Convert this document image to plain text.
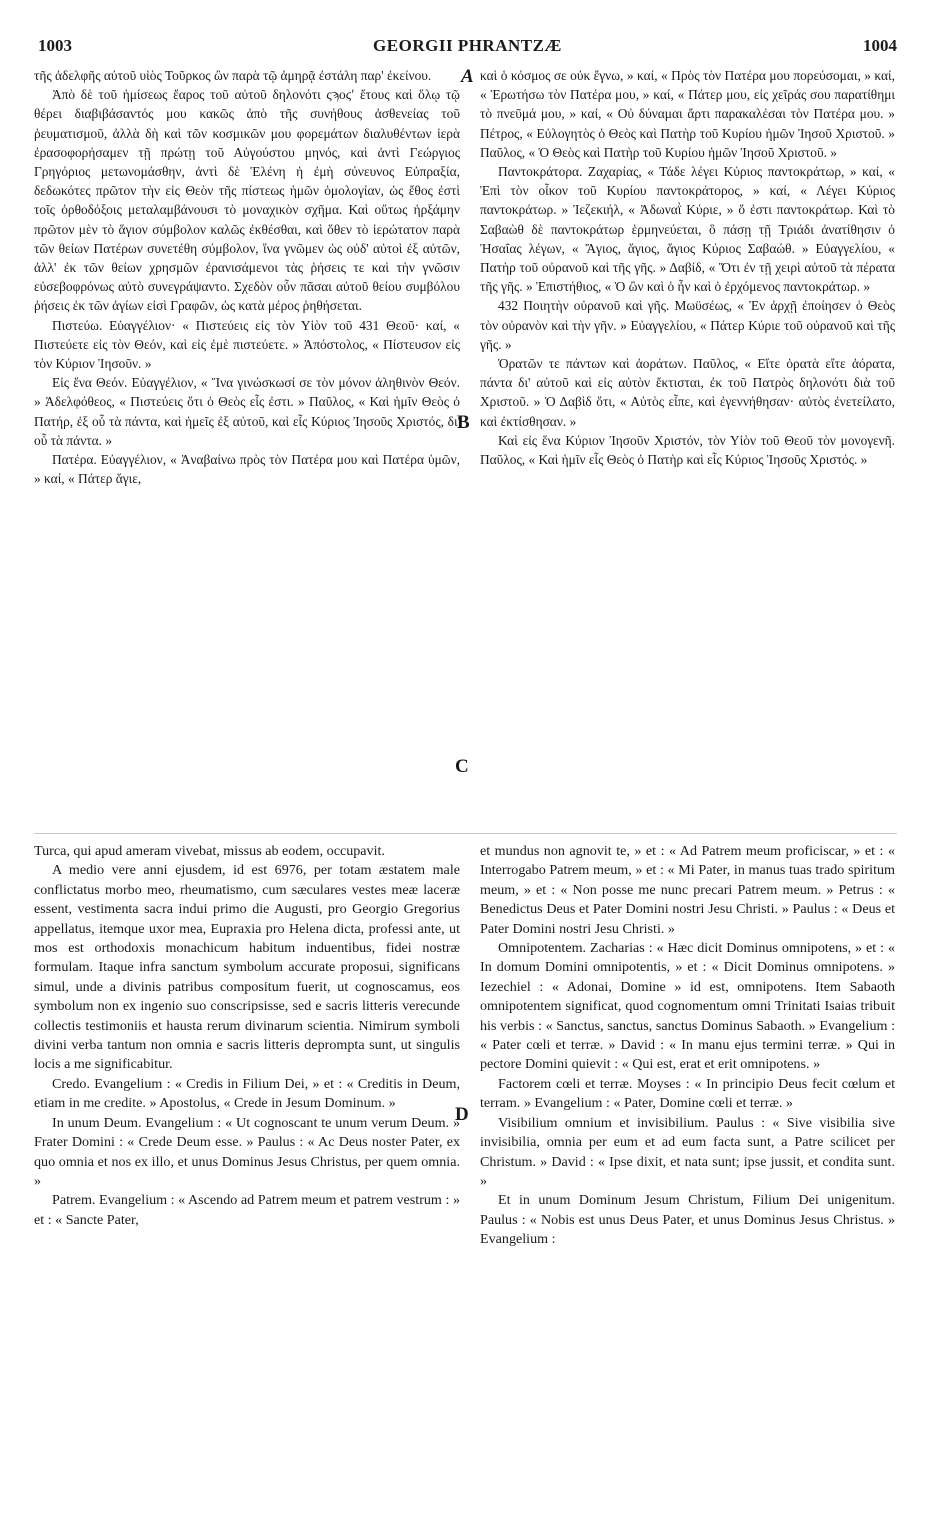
1003	GEORGII PHRANTZÆ	1004

τῆς ἀδελφῆς αὐτοῦ υἱὸς Τοῦρκος ὢν παρὰ τῷ ἀμηρᾷ ἐστάλη παρ' ἐκείνου.

Ἀπὸ δὲ τοῦ ἡμίσεως ἔαρος τοῦ αὐτοῦ δηλονότι ςϡοϛʹ ἔτους καὶ ὅλῳ τῷ θέρει διαβιβάσαντός μου κακῶς ἀπὸ τῆς συνήθους ἀσθενείας τοῦ ῥευματισμοῦ, ἀλλὰ δὴ καὶ τῶν κοσμικῶν μου φορεμάτων διαλυθέντων ἱερὰ ἐρασοφορήσαμεν τῇ πρώτῃ τοῦ Αὐγούστου μηνός, καὶ ἀντὶ Γεώργιος Γρηγόριος μετωνομάσθην, ἀντὶ δὲ Ἑλένη ἡ ἐμὴ σύνευνος Εὐπραξία, δεδωκότες πρῶτον τὴν εἰς Θεὸν τῆς πίστεως ἡμῶν ὁμολογίαν, ὡς ἔθος ἐστὶ τοῖς ὀρθοδόξοις μεταλαμβάνουσι τὸ μοναχικὸν σχῆμα. Καὶ οὕτως ἠρξάμην πρῶτον μὲν τὸ ἅγιον σύμβολον καλῶς ἐκθέσθαι, καὶ ὅθεν τὸ ἱερώτατον παρὰ τῶν θείων Πατέρων συνετέθη σύμβολον, ἵνα γνῶμεν ὡς οὐδ' αὐτοὶ ἐξ αὐτῶν, ἀλλ' ἐκ τῶν θείων χρησμῶν ἐρανισάμενοι τὰς ῥήσεις τε καὶ τὴν γνῶσιν εὐσεβοφρόνως αὐτὸ συνεγράψαντο. Σχεδὸν οὖν πᾶσαι αὐτοῦ θείου συμβόλου ῥήσεις ἐκ τῶν ἁγίων εἰσὶ Γραφῶν, ὡς κατὰ μέρος ῥηθήσεται.

Πιστεύω. Εὐαγγέλιον· « Πιστεύεις εἰς τὸν Υἱὸν τοῦ 431 Θεοῦ· καί, « Πιστεύετε εἰς τὸν Θεόν, καὶ εἰς ἐμὲ πιστεύετε. » Ἀπόστολος, « Πίστευσον εἰς τὸν Κύριον Ἰησοῦν. »

Εἰς ἕνα Θεόν. Εὐαγγέλιον, « Ἵνα γινώσκωσί σε τὸν μόνον ἀληθινὸν Θεόν. » Ἀδελφόθεος, « Πιστεύεις ὅτι ὁ Θεὸς εἷς ἐστι. » Παῦλος, « Καὶ ἡμῖν Θεὸς ὁ Πατήρ, ἐξ οὗ τὰ πάντα, καὶ ἡμεῖς ἐξ αὐτοῦ, καὶ εἷς Κύριος Ἰησοῦς Χριστός, δι' οὗ τὰ πάντα. »

Πατέρα. Εὐαγγέλιον, « Ἀναβαίνω πρὸς τὸν Πατέρα μου καὶ Πατέρα ὑμῶν, » καί, « Πάτερ ἅγιε,

καὶ ὁ κόσμος σε οὐκ ἔγνω, » καί, « Πρὸς τὸν Πατέρα μου πορεύσομαι, » καί, « Ἐρωτήσω τὸν Πατέρα μου, » καί, « Πάτερ μου, εἰς χεῖράς σου παρατίθημι τὸ πνεῦμά μου, » καί, « Οὐ δύναμαι ἄρτι παρακαλέσαι τὸν Πατέρα μου. » Πέτρος, « Εὐλογητὸς ὁ Θεὸς καὶ Πατὴρ τοῦ Κυρίου ἡμῶν Ἰησοῦ Χριστοῦ. » Παῦλος, « Ὁ Θεὸς καὶ Πατὴρ τοῦ Κυρίου ἡμῶν Ἰησοῦ Χριστοῦ. »

Παντοκράτορα. Ζαχαρίας, « Τάδε λέγει Κύριος παντοκράτωρ, » καί, « Ἐπὶ τὸν οἶκον τοῦ Κυρίου παντοκράτορος, » καί, « Λέγει Κύριος παντοκράτωρ. » Ἰεζεκιήλ, « Ἀδωναῒ Κύριε, » ὅ ἐστι παντοκράτωρ. Καὶ τὸ Σαβαὼθ δὲ παντοκράτωρ ἑρμηνεύεται, ὃ πάσῃ τῇ Τριάδι ἀνατίθησιν ὁ Ἠσαΐας λέγων, « Ἅγιος, ἅγιος, ἅγιος Κύριος Σαβαώθ. » Εὐαγγελίου, « Πατὴρ τοῦ οὐρανοῦ καὶ τῆς γῆς. » Δαβίδ, « Ὅτι ἐν τῇ χειρὶ αὐτοῦ τὰ πέρατα τῆς γῆς. » Ἐπιστήθιος, « Ὁ ὢν καὶ ὁ ἦν καὶ ὁ ἐρχόμενος παντοκράτωρ. »

432 Ποιητὴν οὐρανοῦ καὶ γῆς. Μωϋσέως, « Ἐν ἀρχῇ ἐποίησεν ὁ Θεὸς τὸν οὐρανὸν καὶ τὴν γῆν. » Εὐαγγελίου, « Πάτερ Κύριε τοῦ οὐρανοῦ καὶ τῆς γῆς. »

Ὁρατῶν τε πάντων καὶ ἀοράτων. Παῦλος, « Εἴτε ὁρατὰ εἴτε ἀόρατα, πάντα δι' αὐτοῦ καὶ εἰς αὐτὸν ἔκτισται, ἐκ τοῦ Πατρὸς δηλονότι διὰ τοῦ Χριστοῦ. » Ὁ Δαβὶδ ὅτι, « Αὐτὸς εἶπε, καὶ ἐγεννήθησαν· αὐτὸς ἐνετείλατο, καὶ ἐκτίσθησαν. »

Καὶ εἰς ἕνα Κύριον Ἰησοῦν Χριστόν, τὸν Υἱὸν τοῦ Θεοῦ τὸν μονογενῆ. Παῦλος, « Καὶ ἡμῖν εἷς Θεὸς ὁ Πατὴρ καὶ εἷς Κύριος Ἰησοῦς Χριστός. »

A
B
C
D

Turca, qui apud ameram vivebat, missus ab eodem, occupavit.

A medio vere anni ejusdem, id est 6976, per totam æstatem male conflictatus morbo meo, rheumatismo, cum sæculares vestes meæ laceræ essent, vestimenta sacra indui primo die Augusti, pro Georgio Gregorius appellatus, itemque uxor mea, Eupraxia pro Helena dicta, professi ante, ut mos est orthodoxis monachicum habitum induentibus, fidei nostræ formulam. Itaque infra sanctum symbolum accurate proposui, significans simul, unde a divinis patribus compositum fuerit, ut cognoscamus, eos symbolum non ex ingenio suo conscripsisse, sed e sacris litteris verecunde collectis testimoniis et hausta rerum divinarum scientia. Nimirum symboli divini verba tantum non omnia e sacris litteris deprompta sunt, ut singulis locis a me significabitur.

Credo. Evangelium : « Credis in Filium Dei, » et : « Creditis in Deum, etiam in me credite. » Apostolus, « Crede in Jesum Dominum. »

In unum Deum. Evangelium : « Ut cognoscant te unum verum Deum. » Frater Domini : « Crede Deum esse. » Paulus : « Ac Deus noster Pater, ex quo omnia et nos ex illo, et unus Dominus Jesus Christus, per quem omnia. »

Patrem. Evangelium : « Ascendo ad Patrem meum et patrem vestrum : » et : « Sancte Pater,

et mundus non agnovit te, » et : « Ad Patrem meum proficiscar, » et : « Interrogabo Patrem meum, » et : « Mi Pater, in manus tuas trado spiritum meum, » et : « Non posse me nunc precari Patrem meum. » Petrus : « Benedictus Deus et Pater Domini nostri Jesu Christi. » Paulus : « Deus et Pater Domini nostri Jesu Christi. »

Omnipotentem. Zacharias : « Hæc dicit Dominus omnipotens, » et : « In domum Domini omnipotentis, » et : « Dicit Dominus omnipotens. » Iezechiel : « Adonai, Domine » id est, omnipotens. Item Sabaoth omnipotentem significat, quod cognomentum omni Trinitati Isaias tribuit his verbis : « Sanctus, sanctus, sanctus Dominus Sabaoth. » Evangelium : « Pater cœli et terræ. » David : « In manu ejus termini terræ. » Qui in pectore Domini quievit : « Qui est, erat et erit omnipotens. »

Factorem cœli et terræ. Moyses : « In principio Deus fecit cœlum et terram. » Evangelium : « Pater, Domine cœli et terræ. »

Visibilium omnium et invisibilium. Paulus : « Sive visibilia sive invisibilia, omnia per eum et ad eum facta sunt, a Patre scilicet per Christum. » David : « Ipse dixit, et nata sunt; ipse jussit, et condita sunt. »

Et in unum Dominum Jesum Christum, Filium Dei unigenitum. Paulus : « Nobis est unus Deus Pater, et unus Dominus Jesus Christus. » Evangelium :
